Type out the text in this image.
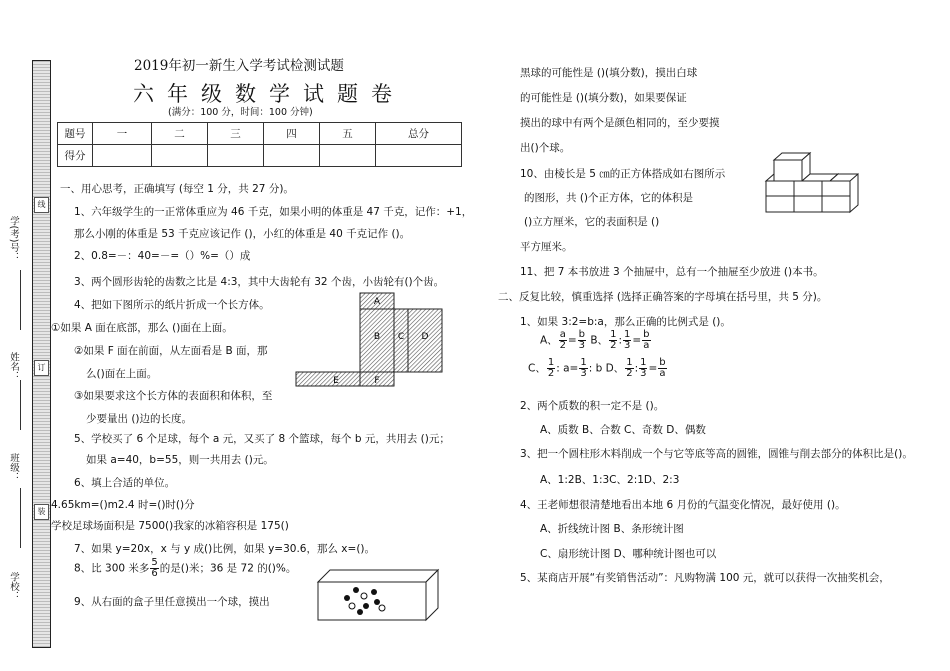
线
订
装
学(考)号：
姓名：
班级：
学校：
2019年初一新生入学考试检测试题
六年级数学试题卷
(满分：100 分，时间：100 分钟)
题号	一	二	三	四	五	总分
得分						
一、用心思考，正确填写 (每空 1 分，共 27 分)。
1、六年级学生的一正常体重应为 46 千克，如果小明的体重是 47 千克，记作：+1，
那么小刚的体重是 53 千克应该记作 ()，小红的体重是 40 千克记作 ()。
2、0.8=－：40=－=（）%=（）成
3、两个圆形齿轮的齿数之比是 4:3，其中大齿轮有 32 个齿，小齿轮有()个齿。
4、把如下图所示的纸片折成一个长方体。
①如果 A 面在底部，那么 ()面在上面。
②如果 F 面在前面，从左面看是 B 面，那
么()面在上面。
③如果要求这个长方体的表面积和体积，至
少要量出 ()边的长度。
5、学校买了 6 个足球，每个 a 元，又买了 8 个篮球，每个 b 元，共用去 ()元；
如果 a=40，b=55，则一共用去 ()元。
6、填上合适的单位。
4.65km=()m2.4 时=()时()分
学校足球场面积是 7500()我家的冰箱容积是 175()
7、如果 y=20x，x 与 y 成()比例，如果 y=30.6，那么 x=()。
8、比 300 米多 $\frac{5}{6}$ 的是()米；36 是 72 的()%。
9、从右面的盒子里任意摸出一个球，摸出
A
B C D
E	F
黑球的可能性是 ()(填分数)，摸出白球
的可能性是 ()(填分数)，如果要保证
摸出的球中有两个是颜色相同的，至少要摸
出()个球。
10、由棱长是 5 ㎝的正方体搭成如右图所示
的图形，共 ()个正方体，它的体积是
()立方厘米，它的表面积是 ()
平方厘米。
11、把 7 本书放进 3 个抽屉中，总有一个抽屉至少放进 ()本书。
二、反复比较，慎重选择 (选择正确答案的字母填在括号里，共 5 分)。
1、如果 3:2=b:a，那么正确的比例式是 ()。
A、 $\frac{a}{2} = \frac{b}{3}$ B、 $\frac{1}{2}$ : $\frac{1}{3} = \frac{b}{a}$
C、 $\frac{1}{2}$ : $a= \frac{1}{3}$ : b D、 $\frac{1}{2}$ : $\frac{1}{3} = \frac{b}{a}$
2、两个质数的积一定不是 ()。
A、质数 B、合数 C、奇数 D、偶数
3、把一个圆柱形木料削成一个与它等底等高的圆锥，圆锥与削去部分的体积比是()。
A、1:2B、1:3C、2:1D、2:3
4、王老师想很清楚地看出本地 6 月份的气温变化情况，最好使用 ()。
A、折线统计图 B、条形统计图
C、扇形统计图 D、哪种统计图也可以
5、某商店开展“有奖销售活动”：凡购物满 100 元，就可以获得一次抽奖机会，
